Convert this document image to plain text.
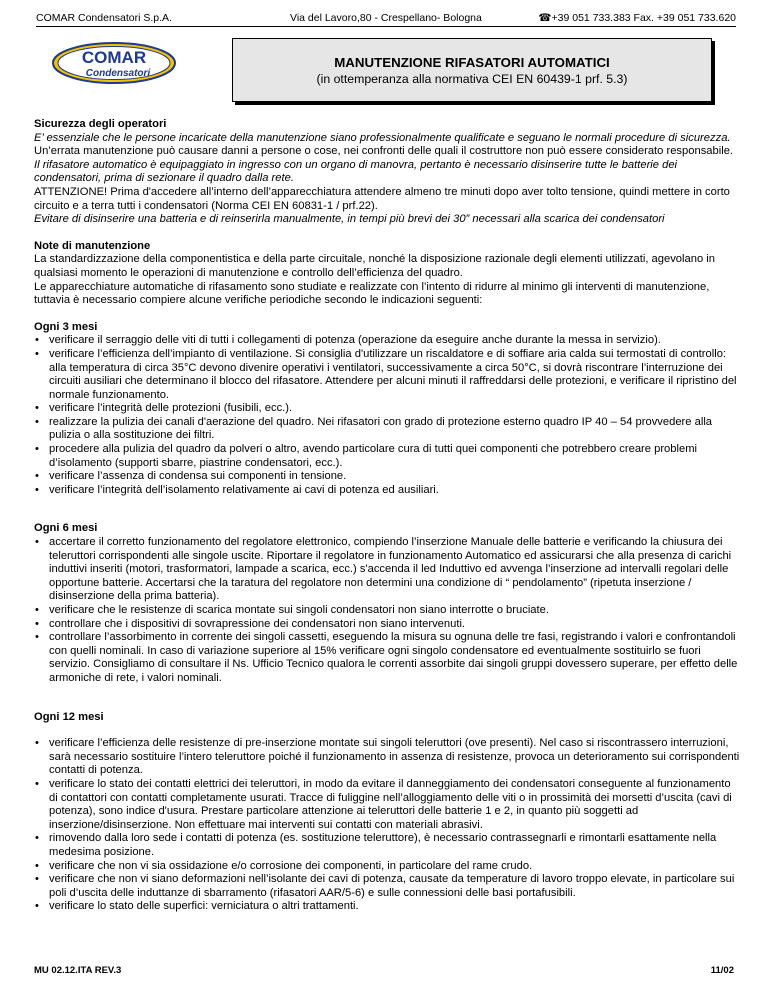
COMAR Condensatori S.p.A.	Via del Lavoro,80 - Crespellano- Bologna	☎+39 051 733.383 Fax. +39 051 733.620
COMAR
Condensatori
MANUTENZIONE RIFASATORI AUTOMATICI
(in ottemperanza alla normativa CEI EN 60439-1 prf. 5.3)

Sicurezza degli operatori

E’ essenziale che le persone incaricate della manutenzione siano professionalmente qualificate e seguano le normali procedure di sicurezza.

Un’errata manutenzione può causare danni a persone o cose, nei confronti delle quali il costruttore non può essere considerato responsabile.

Il rifasatore automatico è equipaggiato in ingresso con un organo di manovra, pertanto è necessario disinserire tutte le batterie dei condensatori, prima di sezionare il quadro dalla rete.

ATTENZIONE! Prima d'accedere all’interno dell’apparecchiatura attendere almeno tre minuti dopo aver tolto tensione, quindi mettere in corto circuito e a terra tutti i condensatori (Norma CEI EN 60831-1 / prf.22).

Evitare di disinserire una batteria e di reinserirla manualmente, in tempi più brevi dei 30” necessari alla scarica dei condensatori

Note di manutenzione

La standardizzazione della componentistica e della parte circuitale, nonché la disposizione razionale degli elementi utilizzati, agevolano in qualsiasi momento le operazioni di manutenzione e controllo dell’efficienza del quadro.

Le apparecchiature automatiche di rifasamento sono studiate e realizzate con l’intento di ridurre al minimo gli interventi di manutenzione, tuttavia è necessario compiere alcune verifiche periodiche secondo le indicazioni seguenti:

Ogni 3 mesi

• verificare il serraggio delle viti di tutti i collegamenti di potenza (operazione da eseguire anche durante la messa in servizio).
• verificare l’efficienza dell’impianto di ventilazione. Si consiglia d'utilizzare un riscaldatore e di soffiare aria calda sui termostati di controllo: alla temperatura di circa 35°C devono divenire operativi i ventilatori, successivamente a circa 50°C, si dovrà riscontrare l’interruzione dei circuiti ausiliari che determinano il blocco del rifasatore. Attendere per alcuni minuti il raffreddarsi delle protezioni, e verificare il ripristino del normale funzionamento.
• verificare l’integrità delle protezioni (fusibili, ecc.).
• realizzare la pulizia dei canali d'aerazione del quadro. Nei rifasatori con grado di protezione esterno quadro IP 40 – 54 provvedere alla pulizia o alla sostituzione dei filtri.
• procedere alla pulizia del quadro da polveri o altro, avendo particolare cura di tutti quei componenti che potrebbero creare problemi d’isolamento (supporti sbarre, piastrine condensatori, ecc.).
• verificare l’assenza di condensa sui componenti in tensione.
• verificare l’integrità dell’isolamento relativamente ai cavi di potenza ed ausiliari.

Ogni 6 mesi

• accertare il corretto funzionamento del regolatore elettronico, compiendo l’inserzione Manuale delle batterie e verificando la chiusura dei teleruttori corrispondenti alle singole uscite. Riportare il regolatore in funzionamento Automatico ed assicurarsi che alla presenza di carichi induttivi inseriti (motori, trasformatori, lampade a scarica, ecc.) s'accenda il led Induttivo ed avvenga l’inserzione ad intervalli regolari delle opportune batterie. Accertarsi che la taratura del regolatore non determini una condizione di “ pendolamento” (ripetuta inserzione / disinserzione della prima batteria).
• verificare che le resistenze di scarica montate sui singoli condensatori non siano interrotte o bruciate.
• controllare che i dispositivi di sovrapressione dei condensatori non siano intervenuti.
• controllare l’assorbimento in corrente dei singoli cassetti, eseguendo la misura su ognuna delle tre fasi, registrando i valori e confrontandoli con quelli nominali. In caso di variazione superiore al 15% verificare ogni singolo condensatore ed eventualmente sostituirlo se fuori servizio. Consigliamo di consultare il Ns. Ufficio Tecnico qualora le correnti assorbite dai singoli gruppi dovessero superare, per effetto delle armoniche di rete, i valori nominali.

Ogni 12 mesi

• verificare l’efficienza delle resistenze di pre-inserzione montate sui singoli teleruttori (ove presenti). Nel caso si riscontrassero interruzioni, sarà necessario sostituire l’intero teleruttore poiché il funzionamento in assenza di resistenze, provoca un deterioramento sui corrispondenti contatti di potenza.
• verificare lo stato dei contatti elettrici dei teleruttori, in modo da evitare il danneggiamento dei condensatori conseguente al funzionamento di contattori con contatti completamente usurati. Tracce di fuliggine nell’alloggiamento delle viti o in prossimità dei morsetti d’uscita (cavi di potenza), sono indice d'usura. Prestare particolare attenzione ai teleruttori delle batterie 1 e 2, in quanto più soggetti ad inserzione/disinserzione. Non effettuare mai interventi sui contatti con materiali abrasivi.
• rimovendo dalla loro sede i contatti di potenza (es. sostituzione teleruttore), è necessario contrassegnarli e rimontarli esattamente nella medesima posizione.
• verificare che non vi sia ossidazione e/o corrosione dei componenti, in particolare del rame crudo.
• verificare che non vi siano deformazioni nell’isolante dei cavi di potenza, causate da temperature di lavoro troppo elevate, in particolare sui poli d’uscita delle induttanze di sbarramento (rifasatori AAR/5-6) e sulle connessioni delle basi portafusibili.
• verificare lo stato delle superfici: verniciatura o altri trattamenti.
MU 02.12.ITA REV.3	11/02
